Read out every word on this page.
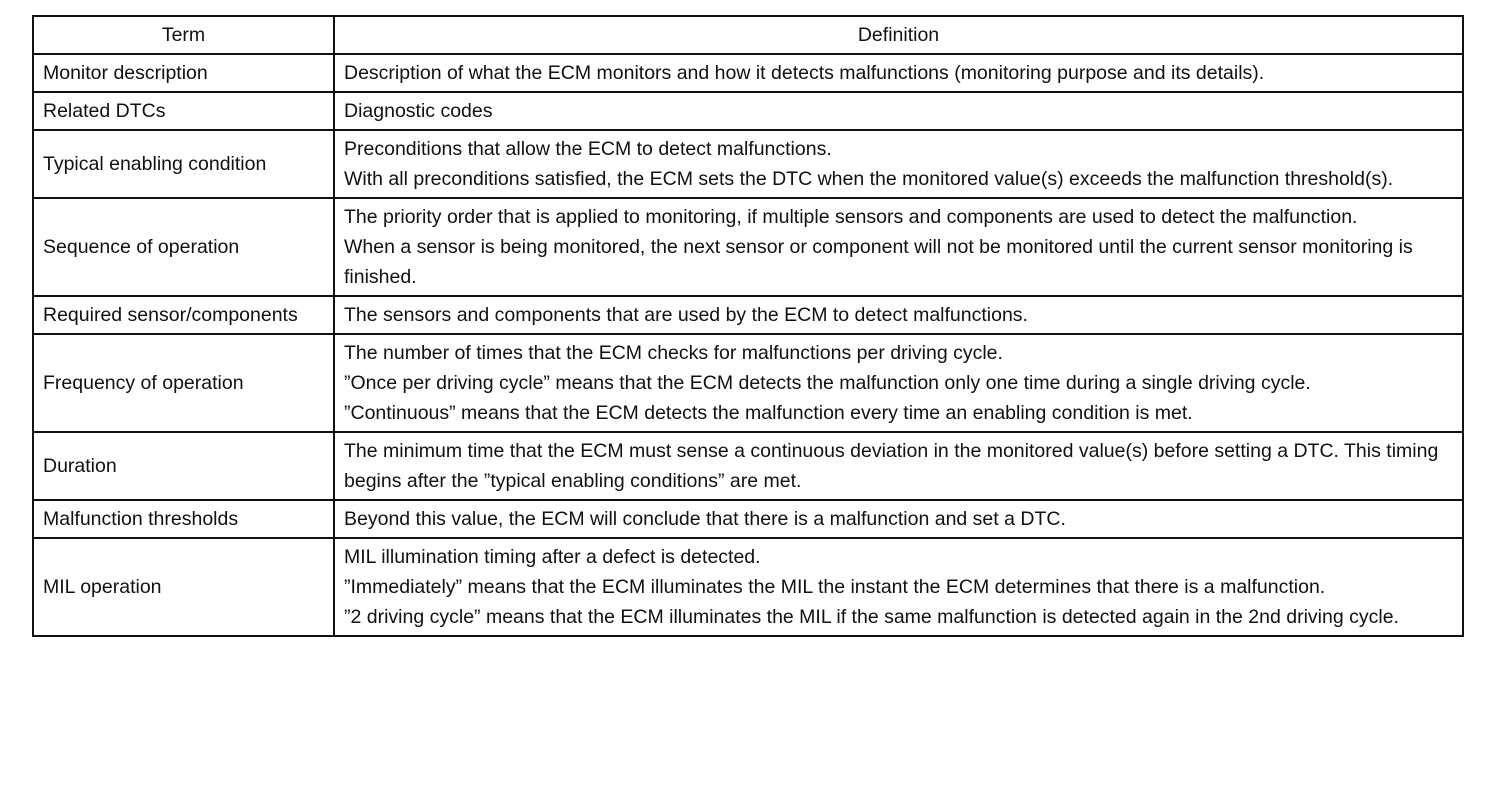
Term	Definition
Monitor description	Description of what the ECM monitors and how it detects malfunctions (monitoring purpose and its details).

Related DTCs	Diagnostic codes

Typical enabling condition	Preconditions that allow the ECM to detect malfunctions.
With all preconditions satisfied, the ECM sets the DTC when the monitored value(s) exceeds the malfunction threshold(s).

Sequence of operation	The priority order that is applied to monitoring, if multiple sensors and components are used to detect the malfunction.
When a sensor is being monitored, the next sensor or component will not be monitored until the current sensor monitoring is finished.

Required sensor/components	The sensors and components that are used by the ECM to detect malfunctions.

Frequency of operation	The number of times that the ECM checks for malfunctions per driving cycle.
”Once per driving cycle” means that the ECM detects the malfunction only one time during a single driving cycle.
”Continuous” means that the ECM detects the malfunction every time an enabling condition is met.

Duration	The minimum time that the ECM must sense a continuous deviation in the monitored value(s) before setting a DTC. This timing begins after the ”typical enabling conditions” are met.

Malfunction thresholds	Beyond this value, the ECM will conclude that there is a malfunction and set a DTC.

MIL operation	MIL illumination timing after a defect is detected.
”Immediately” means that the ECM illuminates the MIL the instant the ECM determines that there is a malfunction.
”2 driving cycle” means that the ECM illuminates the MIL if the same malfunction is detected again in the 2nd driving cycle.
